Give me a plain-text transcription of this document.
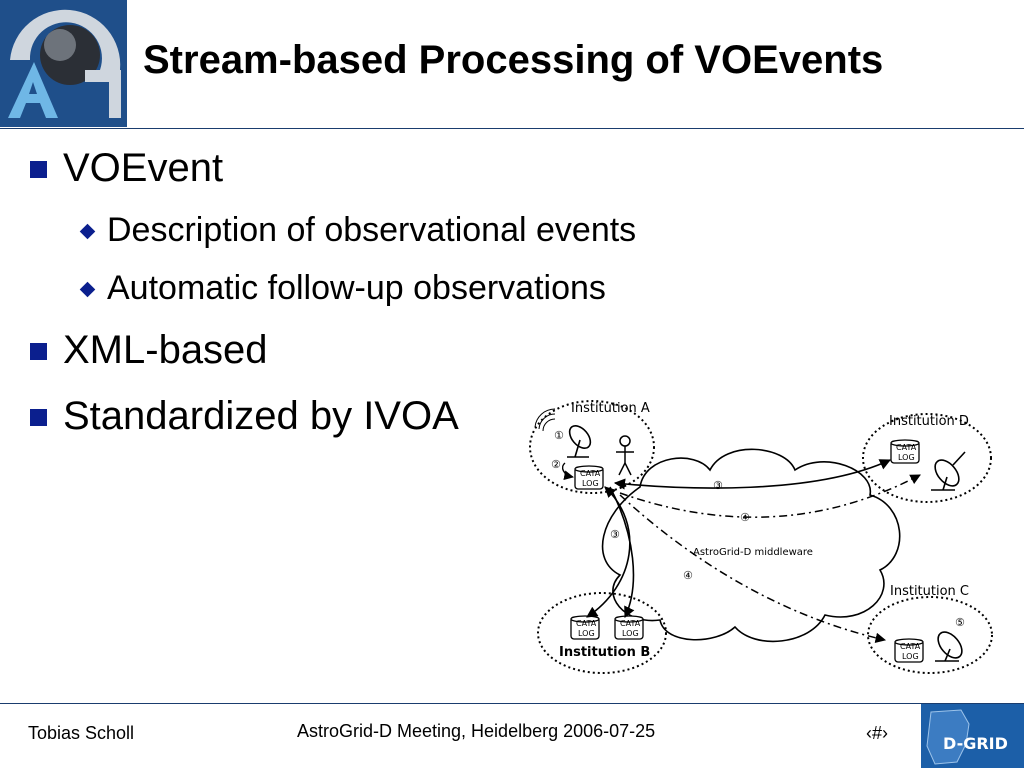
Stream-based Processing of VOEvents
VOEvent
Description of observational events
Automatic follow-up observations
XML-based
Standardized by IVOA	Institution A
Institution D
Institution B
Institution C
AstroGrid-D middleware
CATA
LOG
CATA
LOG
CATA
LOG
CATA
LOG
CATA
LOG
①
②
③
④
③
④
⑤
Tobias Scholl	AstroGrid-D Meeting, Heidelberg 2006-07-25	‹#›
D-GRID
